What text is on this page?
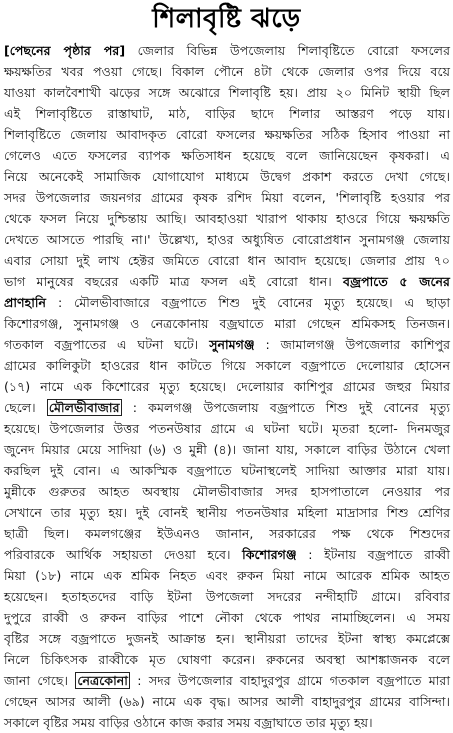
শিলাবৃষ্টি ঝড়ে
[পেছনের পৃষ্ঠার পর] জেলার বিভিন্ন উপজেলায় শিলাবৃষ্টিতে বোরো ফসলের
ক্ষয়ক্ষতির খবর পওয়া গেছে। বিকাল পৌনে ৪টা থেকে জেলার ওপর দিয়ে বয়ে
যাওয়া কালবৈশাখী ঝড়ের সঙ্গে অঝোরে শিলাবৃষ্টি হয়। প্রায় ২০ মিনিট স্থায়ী ছিল
এই শিলাবৃষ্টিতে রাস্তাঘাট, মাঠ, বাড়ির ছাদে শিলার আস্তরণ পড়ে যায়।
শিলাবৃষ্টিতে জেলায় আবাদকৃত বোরো ফসলের ক্ষয়ক্ষতির সঠিক হিসাব পাওয়া না
গেলেও এতে ফসলের ব্যাপক ক্ষতিসাধন হয়েছে বলে জানিয়েছেন কৃষকরা। এ
নিয়ে অনেকেই সামাজিক যোগাযোগ মাধ্যমে উদ্বেগ প্রকাশ করতে দেখা গেছে।
সদর উপজেলার জয়নগর গ্রামের কৃষক রশিদ মিয়া বলেন, 'শিলাবৃষ্টি হওয়ার পর
থেকে ফসল নিয়ে দুশ্চিন্তায় আছি। আবহাওয়া খারাপ থাকায় হাওরে গিয়ে ক্ষয়ক্ষতি
দেখতে আসতে পারছি না।' উল্লেখ্য, হাওর অধ্যুষিত বোরোপ্রধান সুনামগঞ্জ জেলায়
এবার সোয়া দুই লাখ হেক্টর জমিতে বোরো ধান আবাদ হয়েছে। জেলার প্রায় ৭০
ভাগ মানুষের বছরের একটি মাত্র ফসল এই বোরো ধান। বজ্রপাতে ৫ জনের
প্রাণহানি : মৌলভীবাজারে বজ্রপাতে শিশু দুই বোনের মৃত্যু হয়েছে। এ ছাড়া
কিশোরগঞ্জ, সুনামগঞ্জ ও নেত্রকোনায় বজ্রঘাতে মারা গেছেন শ্রমিকসহ তিনজন।
গতকাল বজ্রপাতের এ ঘটনা ঘটে। সুনামগঞ্জ : জামালগঞ্জ উপজেলার কাশিপুর
গ্রামের কালিকুটা হাওরের ধান কাটতে গিয়ে সকালে বজ্রপাতে দেলোয়ার হোসেন
(১৭) নামে এক কিশোরের মৃত্যু হয়েছে। দেলোয়ার কাশিপুর গ্রামের জহুর মিয়ার
ছেলে। মৌলভীবাজার : কমলগঞ্জ উপজেলায় বজ্রপাতে শিশু দুই বোনের মৃত্যু
হয়েছে। উপজেলার উত্তর পতনউষার গ্রামে এ ঘটনা ঘটে। মৃতরা হলো- দিনমজুর
জুনেদ মিয়ার মেয়ে সাদিয়া (৬) ও মুন্নী (৪)। জানা যায়, সকালে বাড়ির উঠানে খেলা
করছিল দুই বোন। এ আকস্মিক বজ্রপাতে ঘটনাস্থলেই সাদিয়া আক্তার মারা যায়।
মুন্নীকে গুরুতর আহত অবস্থায় মৌলভীবাজার সদর হাসপাতালে নেওয়ার পর
সেখানে তার মৃত্যু হয়। দুই বোনই স্থানীয় পতনউষার মহিলা মাদ্রাসার শিশু শ্রেণির
ছাত্রী ছিল। কমলগঞ্জের ইউএনও জানান, সরকারের পক্ষ থেকে শিশুদের
পরিবারকে আর্থিক সহায়তা দেওয়া হবে। কিশোরগঞ্জ : ইটনায় বজ্রপাতে রাব্বী
মিয়া (১৮) নামে এক শ্রমিক নিহত এবং রুকন মিয়া নামে আরেক শ্রমিক আহত
হয়েছেন। হতাহতদের বাড়ি ইটনা উপজেলা সদরের নন্দীহাটি গ্রামে। রবিবার
দুপুরে রাব্বী ও রুকন বাড়ির পাশে নৌকা থেকে পাথর নামাচ্ছিলেন। এ সময়
বৃষ্টির সঙ্গে বজ্রপাতে দুজনই আক্রান্ত হন। স্থানীয়রা তাদের ইটনা স্বাস্থ্য কমপ্লেক্সে
নিলে চিকিৎসক রাব্বীকে মৃত ঘোষণা করেন। রুকনের অবস্থা আশঙ্কাজনক বলে
জানা গেছে। নেত্রকোনা : সদর উপজেলার বাহাদুরপুর গ্রামে গতকাল বজ্রপাতে মারা
গেছেন আসর আলী (৬৯) নামে এক বৃদ্ধ। আসর আলী বাহাদুরপুর গ্রামের বাসিন্দা।
সকালে বৃষ্টির সময় বাড়ির ওঠানে কাজ করার সময় বজ্রাঘাতে তার মৃত্যু হয়।
